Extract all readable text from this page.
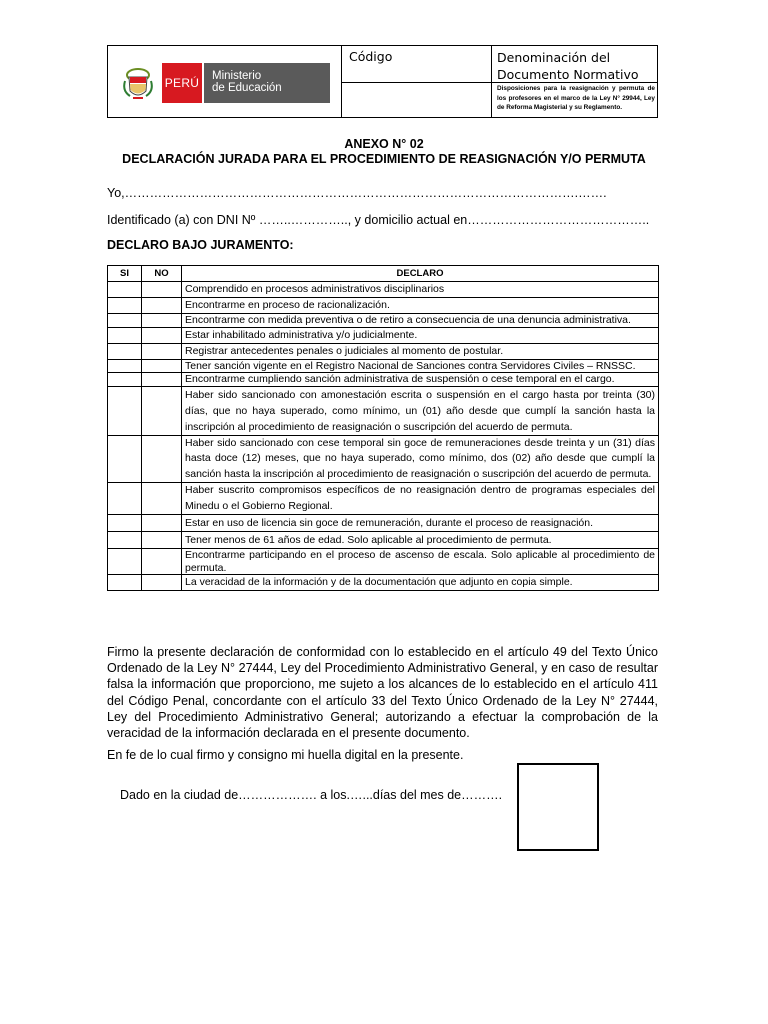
PERÚ Ministerio
de Educación
Código	Denominación del Documento Normativo
Disposiciones para la reasignación y permuta de los profesores en el marco de la Ley N° 29944, Ley de Reforma Magisterial y su Reglamento.
ANEXO N° 02
DECLARACIÓN JURADA PARA EL PROCEDIMIENTO DE REASIGNACIÓN Y/O PERMUTA
Yo,……………………………………………………………………………………………….…….
Identificado (a) con DNI Nº ……..………….., y domicilio actual en……………………………………..
DECLARO BAJO JURAMENTO:
SI	NO	DECLARO
		Comprendido en procesos administrativos disciplinarios
		Encontrarme en proceso de racionalización.
		Encontrarme con medida preventiva o de retiro a consecuencia de una denuncia administrativa.
		Estar inhabilitado administrativa y/o judicialmente.
		Registrar antecedentes penales o judiciales al momento de postular.
		Tener sanción vigente en el Registro Nacional de Sanciones contra Servidores Civiles – RNSSC.
		Encontrarme cumpliendo sanción administrativa de suspensión o cese temporal en el cargo.
		Haber sido sancionado con amonestación escrita o suspensión en el cargo hasta por treinta (30) días, que no haya superado, como mínimo, un (01) año desde que cumplí la sanción hasta la inscripción al procedimiento de reasignación o suscripción del acuerdo de permuta.
		Haber sido sancionado con cese temporal sin goce de remuneraciones desde treinta y un (31) días hasta doce (12) meses, que no haya superado, como mínimo, dos (02) año desde que cumplí la sanción hasta la inscripción al procedimiento de reasignación o suscripción del acuerdo de permuta.
		Haber suscrito compromisos específicos de no reasignación dentro de programas especiales del Minedu o el Gobierno Regional.
		Estar en uso de licencia sin goce de remuneración, durante el proceso de reasignación.
		Tener menos de 61 años de edad. Solo aplicable al procedimiento de permuta.
		Encontrarme participando en el proceso de ascenso de escala. Solo aplicable al procedimiento de permuta.
		La veracidad de la información y de la documentación que adjunto en copia simple.
Firmo la presente declaración de conformidad con lo establecido en el artículo 49 del Texto Único Ordenado de la Ley N° 27444, Ley del Procedimiento Administrativo General, y en caso de resultar falsa la información que proporciono, me sujeto a los alcances de lo establecido en el artículo 411 del Código Penal, concordante con el artículo 33 del Texto Único Ordenado de la Ley N° 27444, Ley del Procedimiento Administrativo General; autorizando a efectuar la comprobación de la veracidad de la información declarada en el presente documento.
En fe de lo cual firmo y consigno mi huella digital en la presente.
Dado en la ciudad de………………. a los.…...días del mes de……….
